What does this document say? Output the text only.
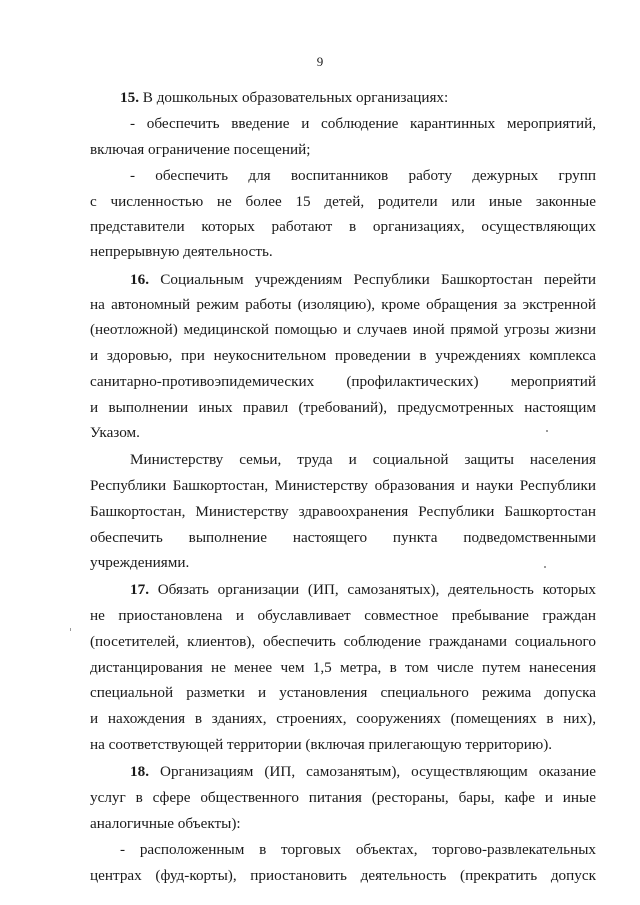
9
15. В дошкольных образовательных организациях:
- обеспечить введение и соблюдение карантинных мероприятий,
включая ограничение посещений;
- обеспечить для воспитанников работу дежурных групп
с численностью не более 15 детей, родители или иные законные
представители которых работают в организациях, осуществляющих
непрерывную деятельность.
16. Социальным учреждениям Республики Башкортостан перейти
на автономный режим работы (изоляцию), кроме обращения за экстренной
(неотложной) медицинской помощью и случаев иной прямой угрозы жизни
и здоровью, при неукоснительном проведении в учреждениях комплекса
санитарно-противоэпидемических (профилактических) мероприятий
и выполнении иных правил (требований), предусмотренных настоящим
Указом.
Министерству семьи, труда и социальной защиты населения
Республики Башкортостан, Министерству образования и науки Республики
Башкортостан, Министерству здравоохранения Республики Башкортостан
обеспечить выполнение настоящего пункта подведомственными
учреждениями.
17. Обязать организации (ИП, самозанятых), деятельность которых
не приостановлена и обуславливает совместное пребывание граждан
(посетителей, клиентов), обеспечить соблюдение гражданами социального
дистанцирования не менее чем 1,5 метра, в том числе путем нанесения
специальной разметки и установления специального режима допуска
и нахождения в зданиях, строениях, сооружениях (помещениях в них),
на соответствующей территории (включая прилегающую территорию).
18. Организациям (ИП, самозанятым), осуществляющим оказание
услуг в сфере общественного питания (рестораны, бары, кафе и иные
аналогичные объекты):
- расположенным в торговых объектах, торгово-развлекательных
центрах (фуд-корты), приостановить деятельность (прекратить допуск
